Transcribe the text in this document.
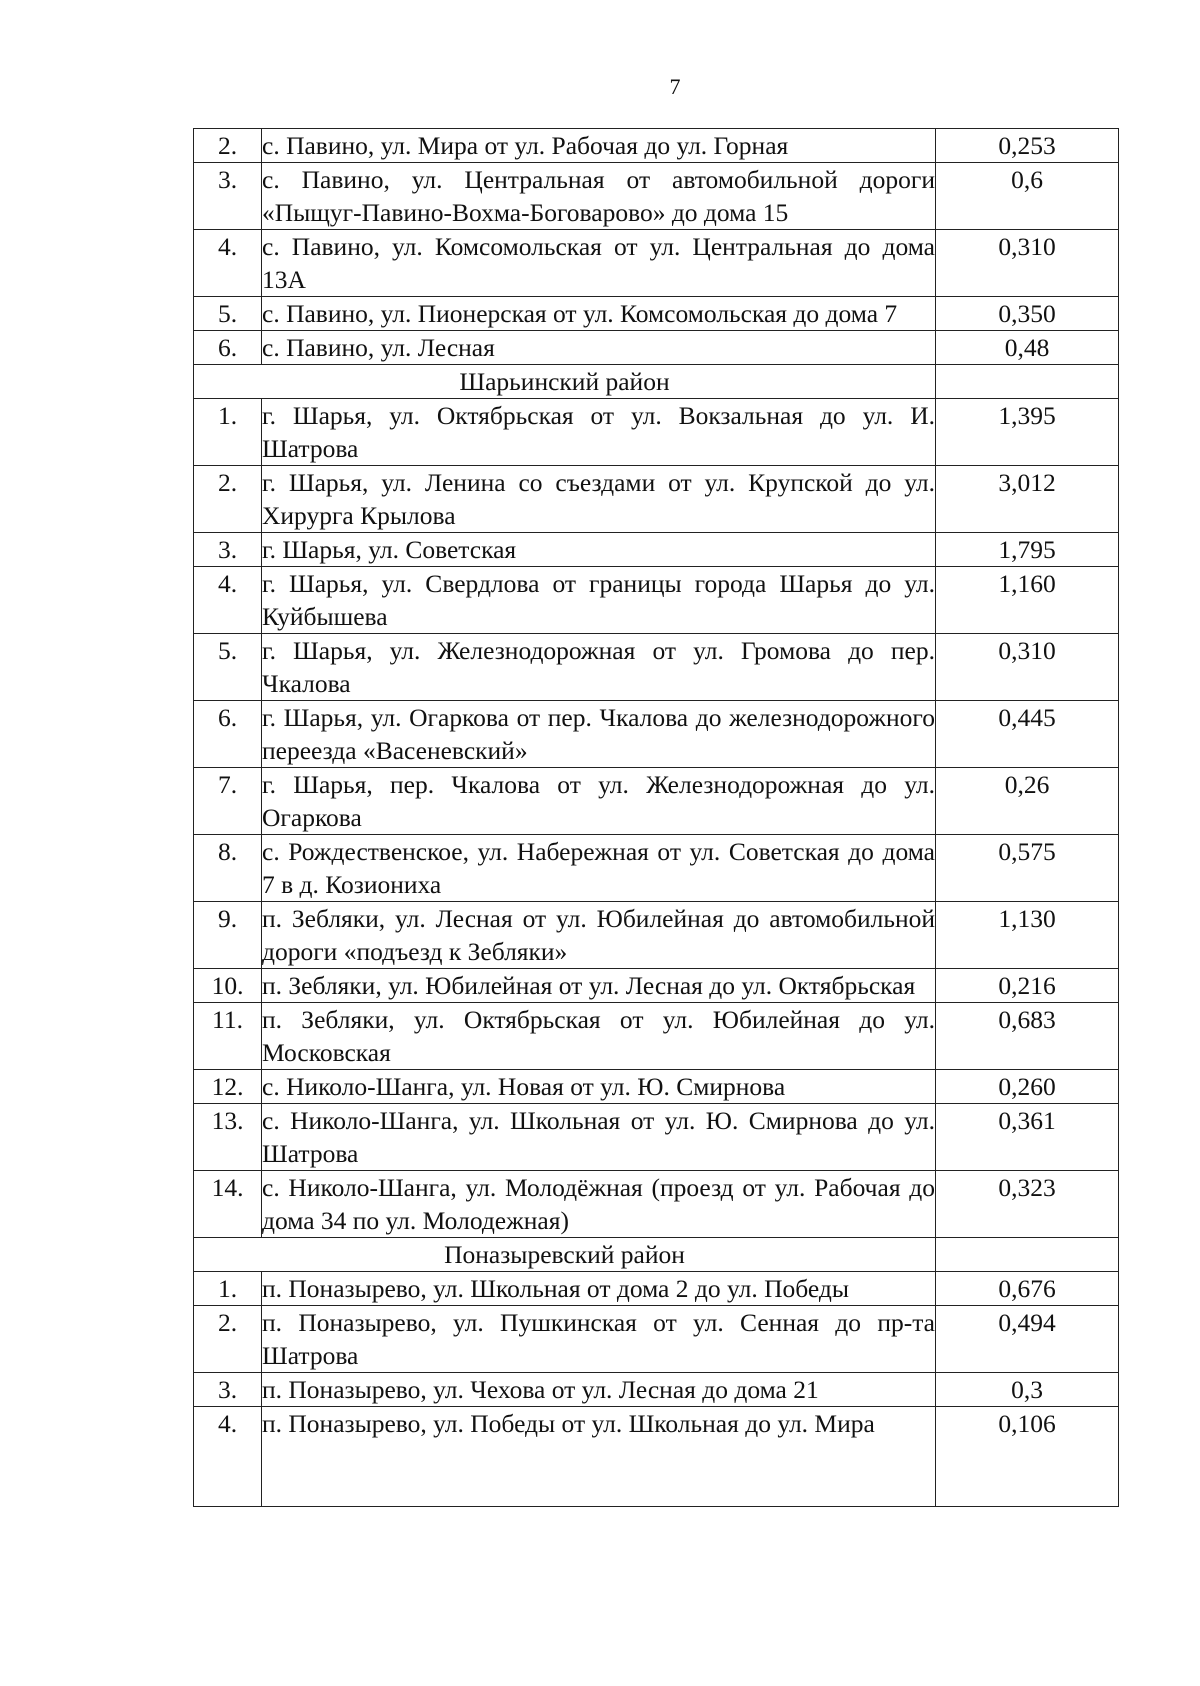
7
2.	с. Павино, ул. Мира от ул. Рабочая до ул. Горная	0,253
3.	с. Павино, ул. Центральная от автомобильной дороги «Пыщуг-Павино-Вохма-Боговарово» до дома 15	0,6
4.	с. Павино, ул. Комсомольская от ул. Центральная до дома 13А	0,310
5.	с. Павино, ул. Пионерская от ул. Комсомольская до дома 7	0,350
6.	с. Павино, ул. Лесная	0,48
Шарьинский район		
1.	г. Шарья, ул. Октябрьская от ул. Вокзальная до ул. И. Шатрова	1,395
2.	г. Шарья, ул. Ленина со съездами от ул. Крупской до ул. Хирурга Крылова	3,012
3.	г. Шарья, ул. Советская	1,795
4.	г. Шарья, ул. Свердлова от границы города Шарья до ул. Куйбышева	1,160
5.	г. Шарья, ул. Железнодорожная от ул. Громова до пер. Чкалова	0,310
6.	г. Шарья, ул. Огаркова от пер. Чкалова до железнодорожного переезда «Васеневский»	0,445
7.	г. Шарья, пер. Чкалова от ул. Железнодорожная до ул. Огаркова	0,26
8.	с. Рождественское, ул. Набережная от ул. Советская до дома 7 в д. Козиониха	0,575
9.	п. Зебляки, ул. Лесная от ул. Юбилейная до автомобильной дороги «подъезд к Зебляки»	1,130
10.	п. Зебляки, ул. Юбилейная от ул. Лесная до ул. Октябрьская	0,216
11.	п. Зебляки, ул. Октябрьская от ул. Юбилейная до ул. Московская	0,683
12.	с. Николо-Шанга, ул. Новая от ул. Ю. Смирнова	0,260
13.	с. Николо-Шанга, ул. Школьная от ул. Ю. Смирнова до ул. Шатрова	0,361
14.	с. Николо-Шанга, ул. Молодёжная (проезд от ул. Рабочая до дома 34 по ул. Молодежная)	0,323
Поназыревский район		
1.	п. Поназырево, ул. Школьная от дома 2 до ул. Победы	0,676
2.	п. Поназырево, ул. Пушкинская от ул. Сенная до пр-та Шатрова	0,494
3.	п. Поназырево, ул. Чехова от ул. Лесная до дома 21	0,3
4.	п. Поназырево, ул. Победы от ул. Школьная до ул. Мира	0,106
